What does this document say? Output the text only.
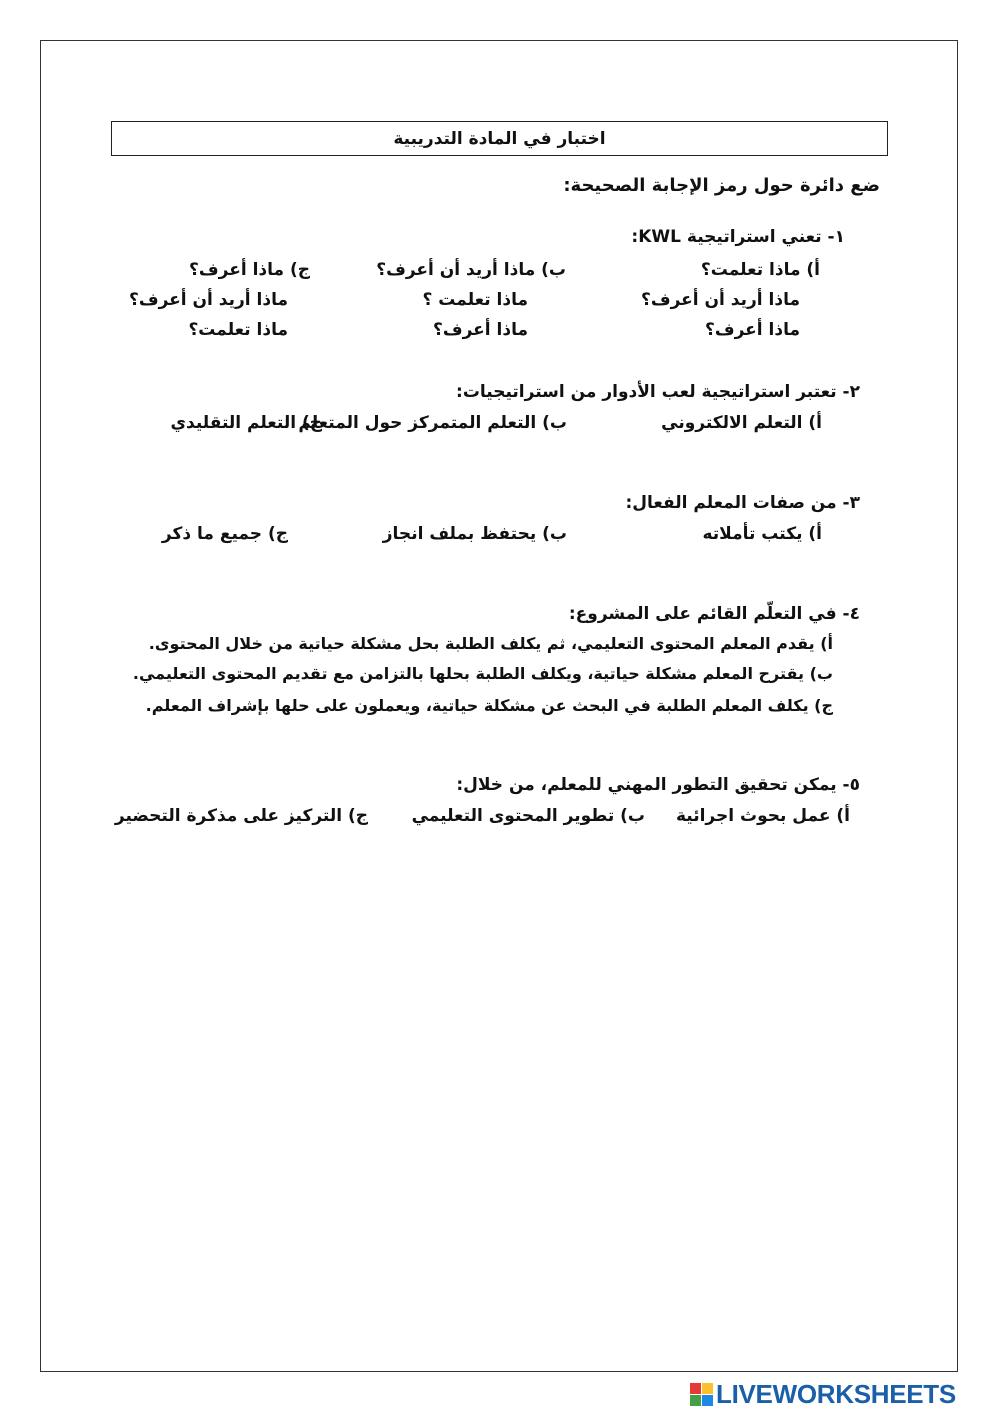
اختبار في المادة التدريبية
ضع دائرة حول رمز الإجابة الصحيحة:
١- تعني استراتيجية KWL:
أ) ماذا تعلمت؟
ب) ماذا أريد أن أعرف؟
ج) ماذا أعرف؟
ماذا أريد أن أعرف؟
ماذا تعلمت ؟
ماذا أريد أن أعرف؟
ماذا أعرف؟
ماذا أعرف؟
ماذا تعلمت؟
٢- تعتبر استراتيجية لعب الأدوار من استراتيجيات:
أ) التعلم الالكتروني
ب) التعلم المتمركز حول المتعلم
ج) التعلم التقليدي
٣- من صفات المعلم الفعال:
أ) يكتب تأملاته
ب) يحتفظ بملف انجاز
ج) جميع ما ذكر
٤- في التعلّم القائم على المشروع:
أ) يقدم المعلم المحتوى التعليمي، ثم يكلف الطلبة بحل مشكلة حياتية من خلال المحتوى.
ب) يقترح المعلم مشكلة حياتية، ويكلف الطلبة بحلها بالتزامن مع تقديم المحتوى التعليمي.
ج) يكلف المعلم الطلبة في البحث عن مشكلة حياتية، ويعملون على حلها بإشراف المعلم.
٥- يمكن تحقيق التطور المهني للمعلم، من خلال:
أ) عمل بحوث اجرائية
ب) تطوير المحتوى التعليمي
ج) التركيز على مذكرة التحضير
LIVEWORKSHEETS
